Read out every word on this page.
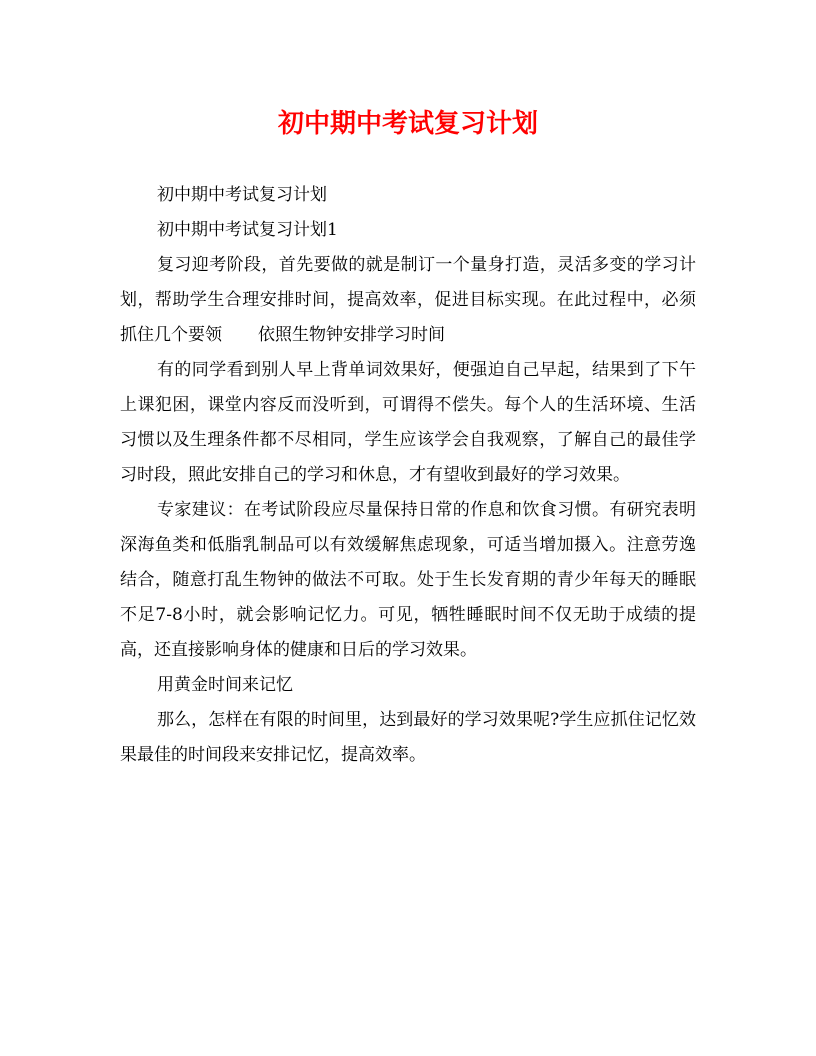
初中期中考试复习计划

初中期中考试复习计划

初中期中考试复习计划1

复习迎考阶段，首先要做的就是制订一个量身打造，灵活多变的学习计划，帮助学生合理安排时间，提高效率，促进目标实现。在此过程中，必须抓住几个要领 依照生物钟安排学习时间

有的同学看到别人早上背单词效果好，便强迫自己早起，结果到了下午上课犯困，课堂内容反而没听到，可谓得不偿失。每个人的生活环境、生活习惯以及生理条件都不尽相同，学生应该学会自我观察，了解自己的最佳学习时段，照此安排自己的学习和休息，才有望收到最好的学习效果。

专家建议：在考试阶段应尽量保持日常的作息和饮食习惯。有研究表明深海鱼类和低脂乳制品可以有效缓解焦虑现象，可适当增加摄入。注意劳逸结合，随意打乱生物钟的做法不可取。处于生长发育期的青少年每天的睡眠不足7-8小时，就会影响记忆力。可见，牺牲睡眠时间不仅无助于成绩的提高，还直接影响身体的健康和日后的学习效果。

用黄金时间来记忆

那么，怎样在有限的时间里，达到最好的学习效果呢?学生应抓住记忆效果最佳的时间段来安排记忆，提高效率。
